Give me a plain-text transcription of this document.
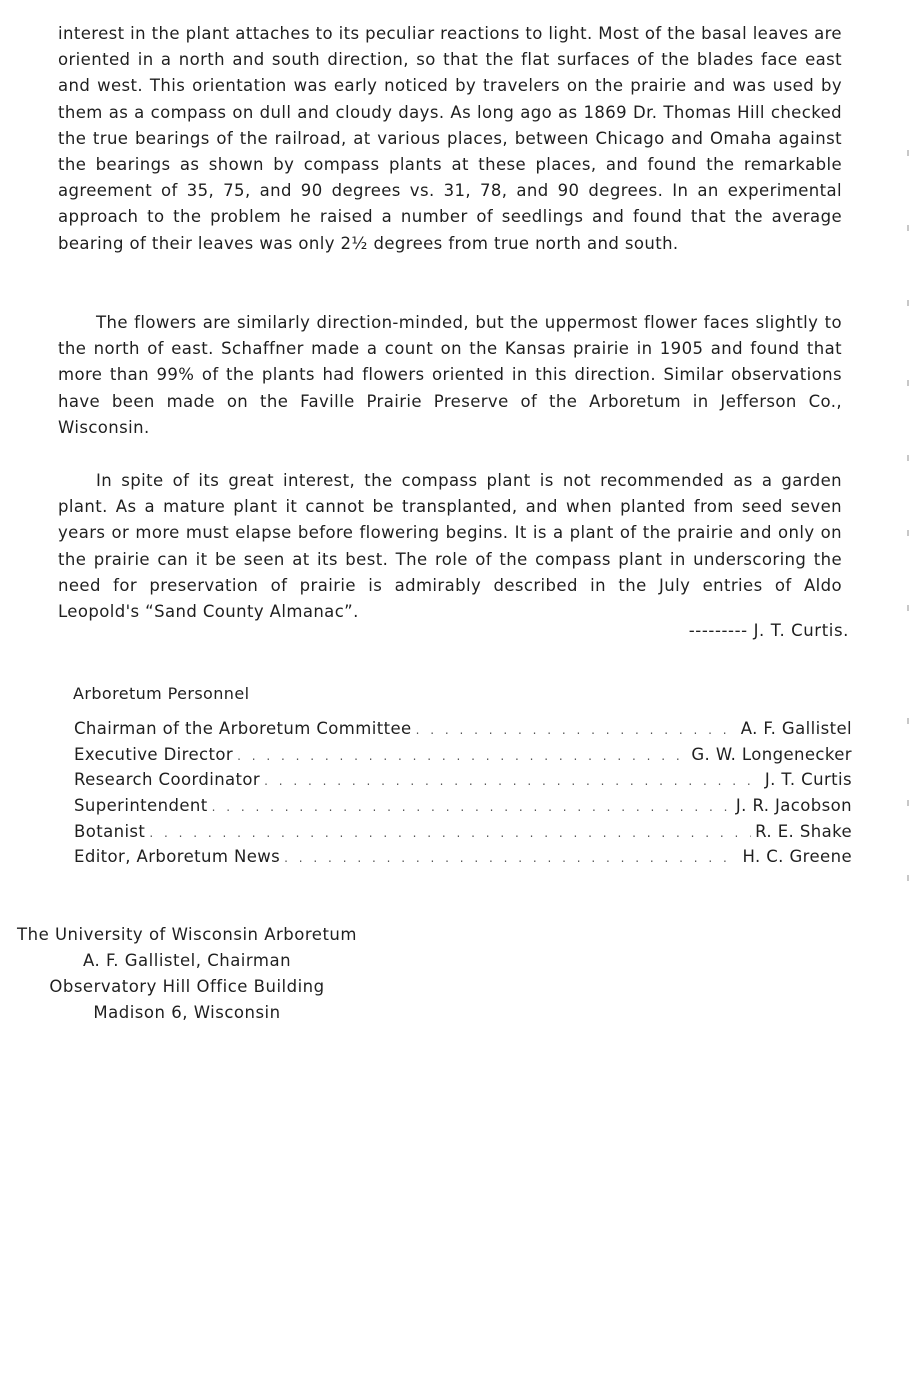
interest in the plant attaches to its peculiar reactions to light. Most of the basal leaves are oriented in a north and south direction, so that the flat surfaces of the blades face east and west. This orientation was early noticed by travelers on the prairie and was used by them as a compass on dull and cloudy days. As long ago as 1869 Dr. Thomas Hill checked the true bearings of the railroad, at various places, between Chicago and Omaha against the bearings as shown by compass plants at these places, and found the remarkable agreement of 35, 75, and 90 degrees vs. 31, 78, and 90 degrees. In an experimental approach to the problem he raised a number of seedlings and found that the average bearing of their leaves was only 2½ degrees from true north and south.

The flowers are similarly direction-minded, but the uppermost flower faces slightly to the north of east. Schaffner made a count on the Kansas prairie in 1905 and found that more than 99% of the plants had flowers oriented in this direction. Similar observations have been made on the Faville Prairie Preserve of the Arboretum in Jefferson Co., Wisconsin.

In spite of its great interest, the compass plant is not recommended as a garden plant. As a mature plant it cannot be transplanted, and when planted from seed seven years or more must elapse before flowering begins. It is a plant of the prairie and only on the prairie can it be seen at its best. The role of the compass plant in underscoring the need for preservation of prairie is admirably described in the July entries of Aldo Leopold's “Sand County Almanac”.

--------- J. T. Curtis.
Arboretum Personnel
Chairman of the Arboretum Committee . . .	A. F. Gallistel
Executive Director . . .	G. W. Longenecker
Research Coordinator . . .	J. T. Curtis
Superintendent . . .	J. R. Jacobson
Botanist . . .	R. E. Shake
Editor, Arboretum News . . .	H. C. Greene
The University of Wisconsin Arboretum
A. F. Gallistel, Chairman
Observatory Hill Office Building
Madison 6, Wisconsin
